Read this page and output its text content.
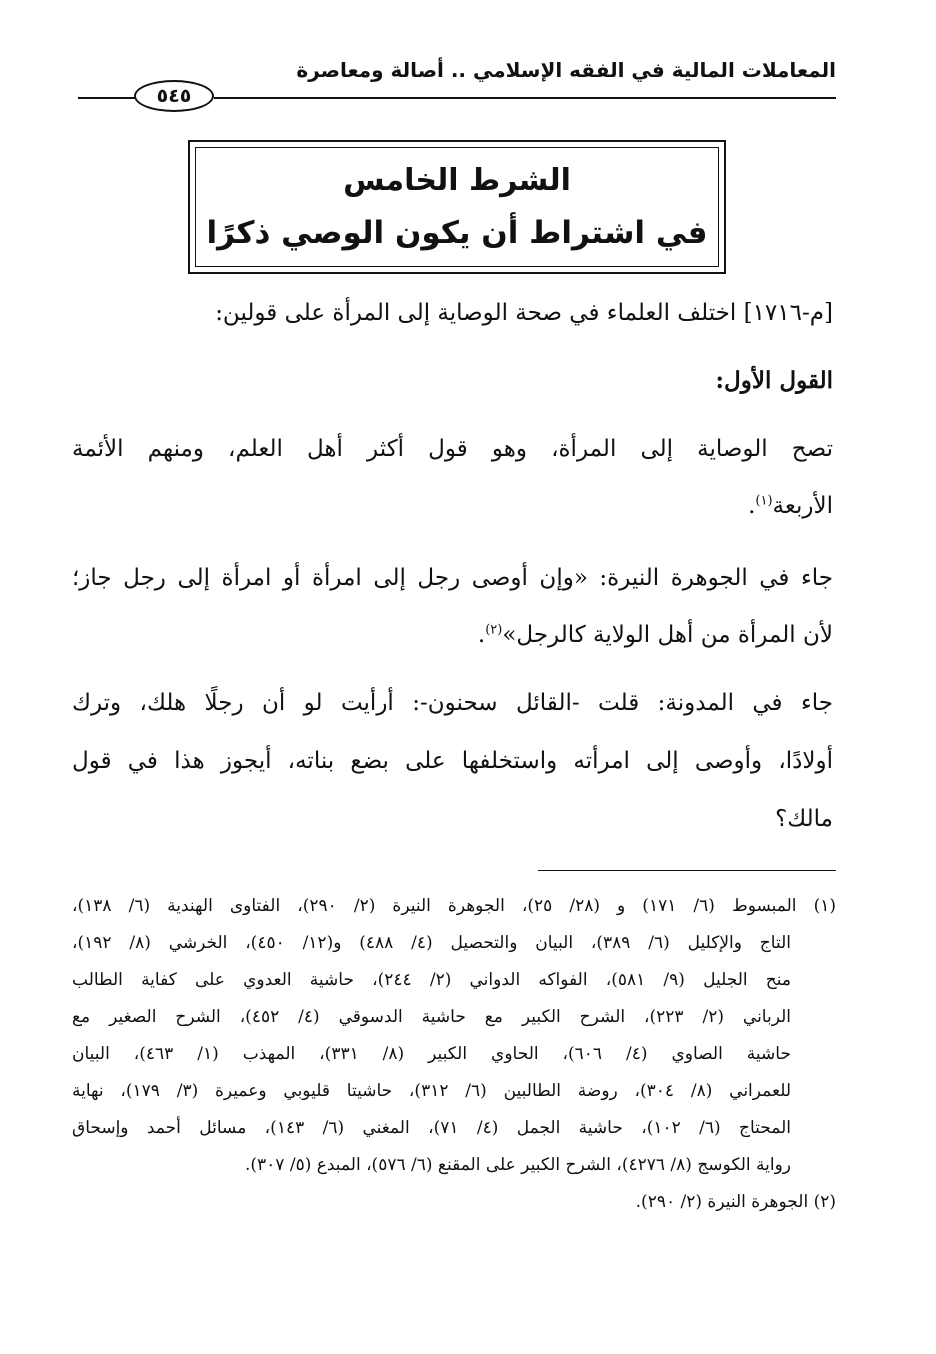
المعاملات المالية في الفقه الإسلامي .. أصالة ومعاصرة
٥٤٥
الشرط الخامس
في اشتراط أن يكون الوصي ذكرًا
[م-١٧١٦] اختلف العلماء في صحة الوصاية إلى المرأة على قولين:
القول الأول:
تصح الوصاية إلى المرأة، وهو قول أكثر أهل العلم، ومنهم الأئمة
الأربعة$^{(١)}$.
جاء في الجوهرة النيرة: «وإن أوصى رجل إلى امرأة أو امرأة إلى رجل جاز؛
لأن المرأة من أهل الولاية كالرجل»$^{(٢)}$.
جاء في المدونة: قلت -القائل سحنون-: أرأيت لو أن رجلًا هلك، وترك
أولادًا، وأوصى إلى امرأته واستخلفها على بضع بناته، أيجوز هذا في قول
مالك؟
(١) المبسوط (٦/ ١٧١) و (٢٨/ ٢٥)، الجوهرة النيرة (٢/ ٢٩٠)، الفتاوى الهندية (٦/ ١٣٨)،
التاج والإكليل (٦/ ٣٨٩)، البيان والتحصيل (٤/ ٤٨٨) و(١٢/ ٤٥٠)، الخرشي (٨/ ١٩٢)،
منح الجليل (٩/ ٥٨١)، الفواكه الدواني (٢/ ٢٤٤)، حاشية العدوي على كفاية الطالب
الرباني (٢/ ٢٢٣)، الشرح الكبير مع حاشية الدسوقي (٤/ ٤٥٢)، الشرح الصغير مع
حاشية الصاوي (٤/ ٦٠٦)، الحاوي الكبير (٨/ ٣٣١)، المهذب (١/ ٤٦٣)، البيان
للعمراني (٨/ ٣٠٤)، روضة الطالبين (٦/ ٣١٢)، حاشيتا قليوبي وعميرة (٣/ ١٧٩)، نهاية
المحتاج (٦/ ١٠٢)، حاشية الجمل (٤/ ٧١)، المغني (٦/ ١٤٣)، مسائل أحمد وإسحاق
رواية الكوسج (٨/ ٤٢٧٦)، الشرح الكبير على المقنع (٦/ ٥٧٦)، المبدع (٥/ ٣٠٧).
(٢) الجوهرة النيرة (٢/ ٢٩٠).
